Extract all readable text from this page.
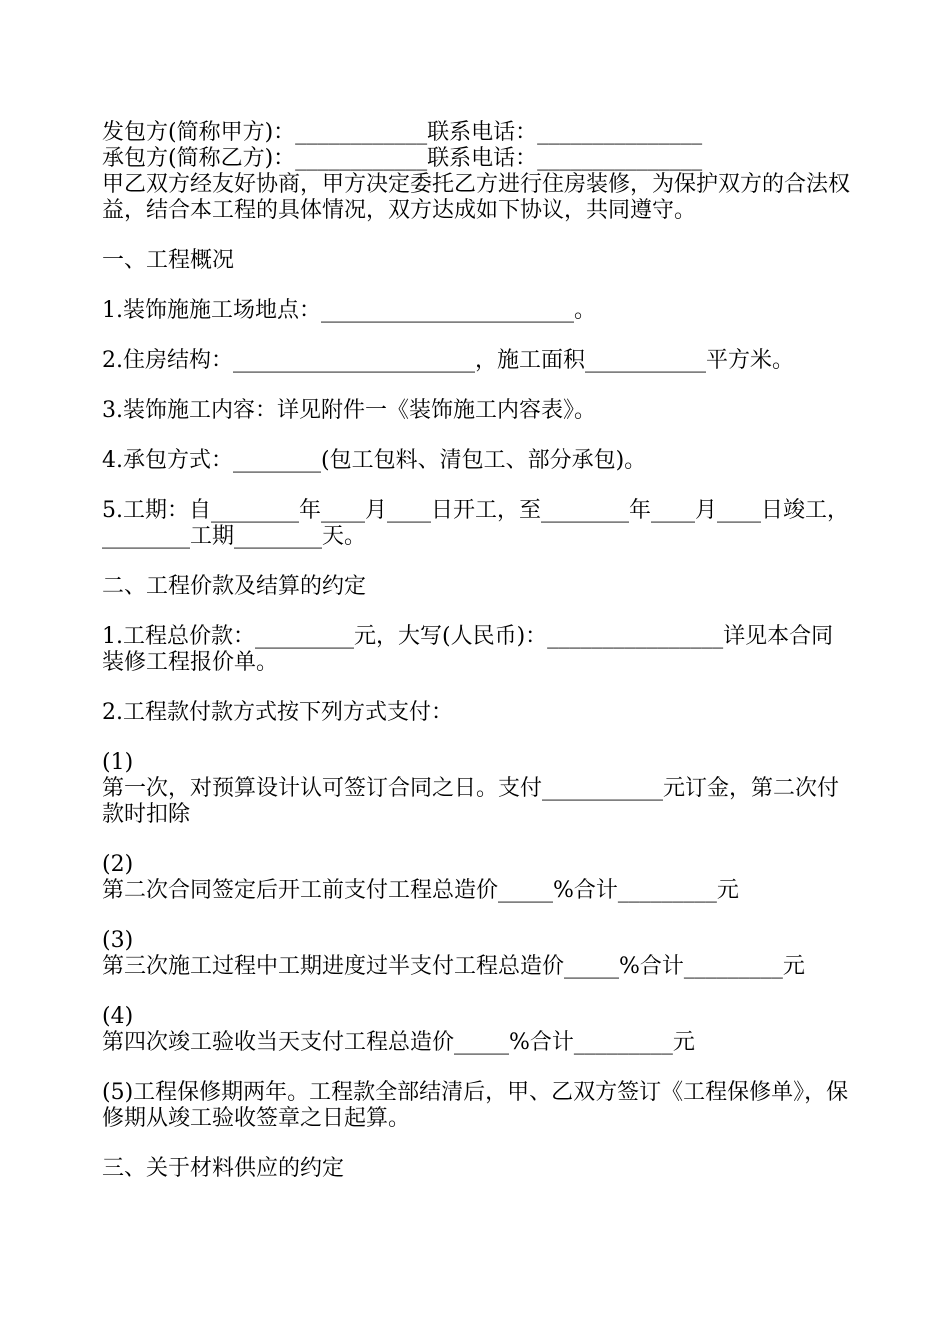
发包方(简称甲方)：____________联系电话：_______________
承包方(简称乙方)：____________联系电话：_______________
甲乙双方经友好协商，甲方决定委托乙方进行住房装修，为保护双方的合法权益，结合本工程的具体情况，双方达成如下协议，共同遵守。
一、工程概况
1.装饰施施工场地点：_______________________。
2.住房结构：______________________，施工面积___________平方米。
3.装饰施工内容：详见附件一《装饰施工内容表》。
4.承包方式：________(包工包料、清包工、部分承包)。
5.工期：自________年____月____日开工，至________年____月____日竣工，________工期________天。
二、工程价款及结算的约定
1.工程总价款：_________元，大写(人民币)：________________详见本合同装修工程报价单。
2.工程款付款方式按下列方式支付：
(1)
第一次，对预算设计认可签订合同之日。支付___________元订金，第二次付款时扣除
(2)
第二次合同签定后开工前支付工程总造价_____%合计_________元
(3)
第三次施工过程中工期进度过半支付工程总造价_____%合计_________元
(4)
第四次竣工验收当天支付工程总造价_____%合计_________元
(5)工程保修期两年。工程款全部结清后，甲、乙双方签订《工程保修单》，保修期从竣工验收签章之日起算。
三、关于材料供应的约定
